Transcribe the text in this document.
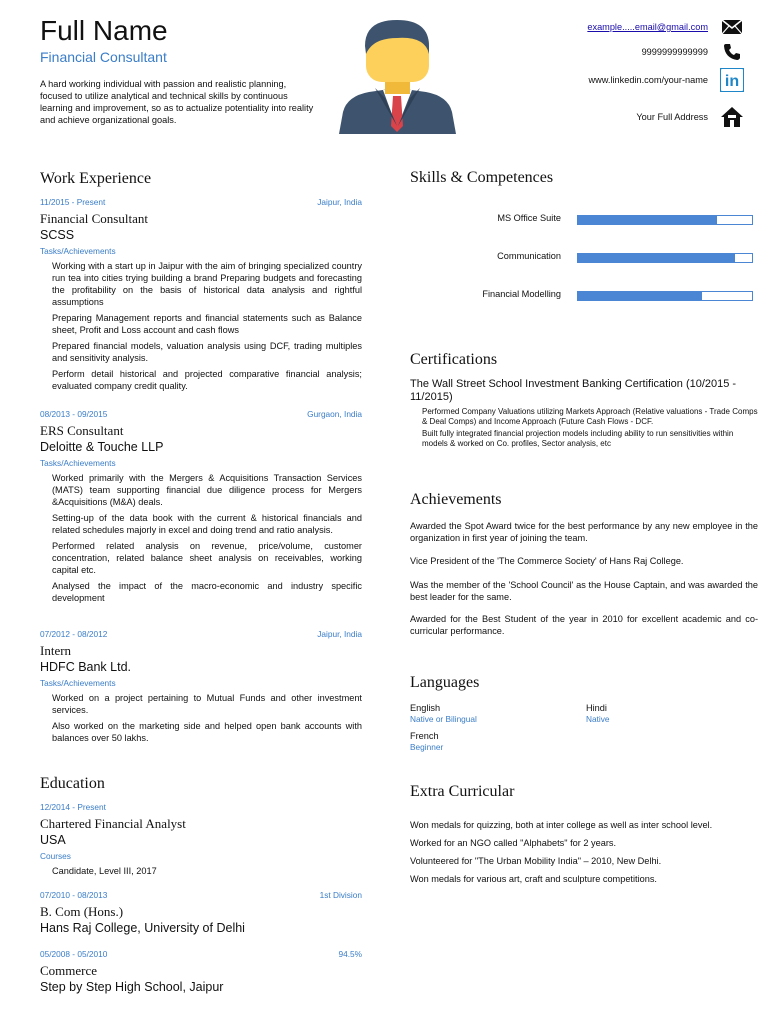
Full Name
Financial Consultant
A hard working individual with passion and realistic planning, focused to utilize analytical and technical skills by continuous learning and improvement, so as to actualize potentiality into reality and achieve organizational goals.
example.....email@gmail.com
9999999999999
www.linkedin.com/your-name in
Your Full Address
Work Experience
11/2015 - Present	Jaipur, India
Financial Consultant
SCSS
Tasks/Achievements
Working with a start up in Jaipur with the aim of bringing specialized country run tea into cities trying building a brand Preparing budgets and forecasting the profitability on the basis of historical data analysis and rightful assumptions
Preparing Management reports and financial statements such as Balance sheet, Profit and Loss account and cash flows
Prepared financial models, valuation analysis using DCF, trading multiples and sensitivity analysis.
Perform detail historical and projected comparative financial analysis; evaluated company credit quality.
08/2013 - 09/2015	Gurgaon, India
ERS Consultant
Deloitte & Touche LLP
Tasks/Achievements
Worked primarily with the Mergers & Acquisitions Transaction Services (MATS) team supporting financial due diligence process for Mergers &Acquisitions (M&A) deals.
Setting-up of the data book with the current & historical financials and related schedules majorly in excel and doing trend and ratio analysis.
Performed related analysis on revenue, price/volume, customer concentration, related balance sheet analysis on receivables, working capital etc.
Analysed the impact of the macro-economic and industry specific development
07/2012 - 08/2012	Jaipur, India
Intern
HDFC Bank Ltd.
Tasks/Achievements
Worked on a project pertaining to Mutual Funds and other investment services.
Also worked on the marketing side and helped open bank accounts with balances over 50 lakhs.
Education
12/2014 - Present
Chartered Financial Analyst
USA
Courses
Candidate, Level III, 2017
07/2010 - 08/2013	1st Division
B. Com (Hons.)
Hans Raj College, University of Delhi
05/2008 - 05/2010	94.5%
Commerce
Step by Step High School, Jaipur
Skills & Competences
MS Office Suite
Communication
Financial Modelling
Certifications
The Wall Street School Investment Banking Certification (10/2015 - 11/2015)
Performed Company Valuations utilizing Markets Approach (Relative valuations - Trade Comps & Deal Comps) and Income Approach (Future Cash Flows - DCF.
Built fully integrated financial projection models including ability to run sensitivities within models & worked on Co. profiles, Sector analysis, etc
Achievements
Awarded the Spot Award twice for the best performance by any new employee in the organization in first year of joining the team.
Vice President of the 'The Commerce Society' of Hans Raj College.
Was the member of the 'School Council' as the House Captain, and was awarded the best leader for the same.
Awarded for the Best Student of the year in 2010 for excellent academic and co-curricular performance.
Languages
English
Native or Bilingual
Hindi
Native
French
Beginner
Extra Curricular
Won medals for quizzing, both at inter college as well as inter school level.
Worked for an NGO called "Alphabets" for 2 years.
Volunteered for "The Urban Mobility India" – 2010, New Delhi.
Won medals for various art, craft and sculpture competitions.
